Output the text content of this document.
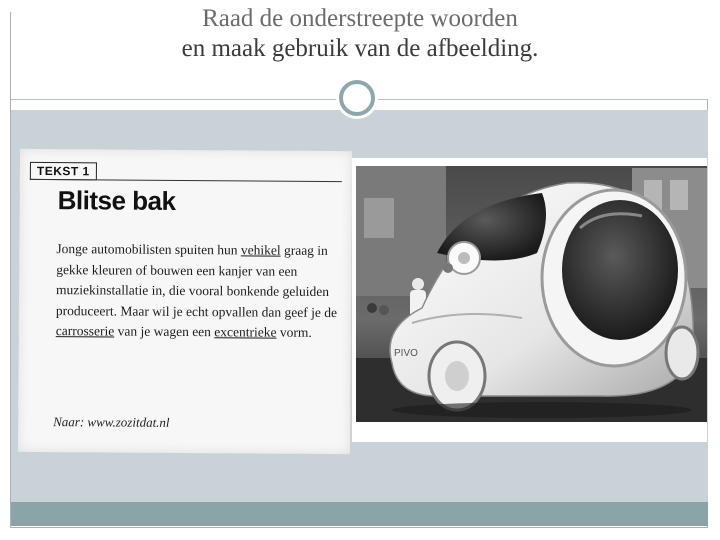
Raad de onderstreepte woorden
en maak gebruik van de afbeelding.
TEKST 1
Blitse bak
Jonge automobilisten spuiten hun vehikel graag in gekke kleuren of bouwen een kanjer van een muziekinstallatie in, die vooral bonkende geluiden produceert. Maar wil je echt opvallen dan geef je de carrosserie van je wagen een excentrieke vorm.
Naar: www.zozitdat.nl
PIVO
